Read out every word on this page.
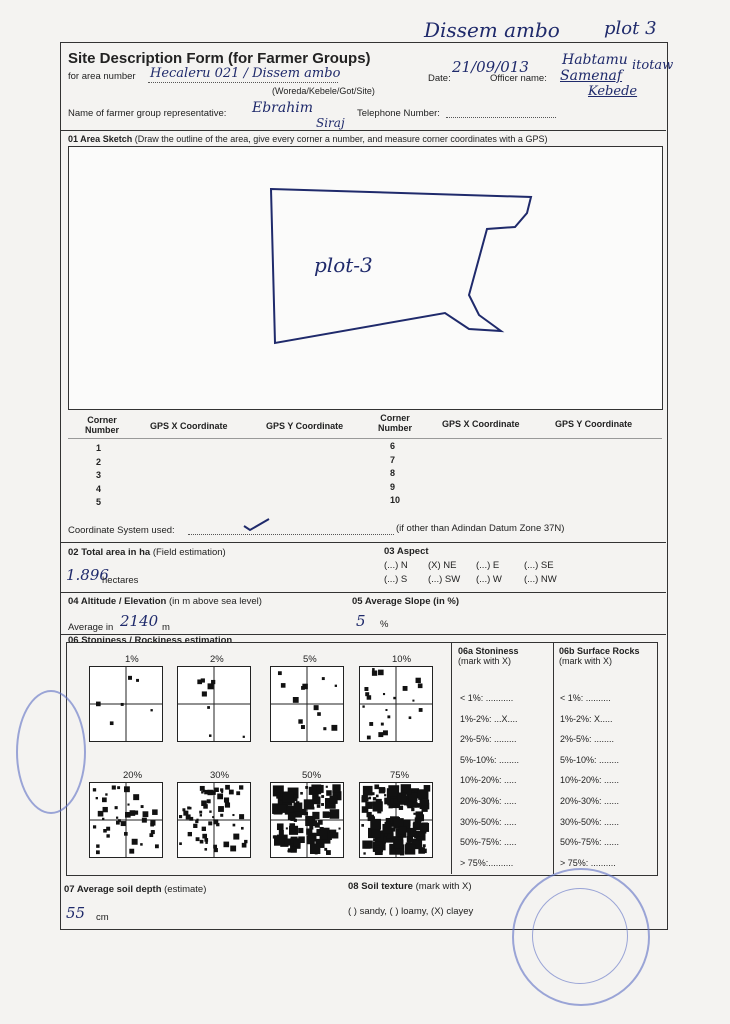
Dissem ambo plot 3
Site Description Form (for Farmer Groups)
for area number Hecaleru 021 / Dissem ambo
(Woreda/Kebele/Got/Site)
Date:
21/09/013
Officer name:
Habtamu
Samenaf
itotaw
Kebede
Name of farmer group representative: Ebrahim
Siraj
Telephone Number:
01 Area Sketch (Draw the outline of the area, give every corner a number, and measure corner coordinates with a GPS)
plot-3
Corner Number	GPS X Coordinate	GPS Y Coordinate
Corner Number	GPS X Coordinate	GPS Y Coordinate
1
2
3
4
5
6
7
8
9
10
Coordinate System used:	(if other than Adindan Datum Zone 37N)
02 Total area in ha (Field estimation)
1.896
hectares
03 Aspect
(...) N (X) NE (...) E	(...) SE
(...) S (...) SW (...) W (...) NW
04 Altitude / Elevation (in m above sea level)
Average in 2140 m
05 Average Slope (in %)
5 %
06 Stoniness / Rockiness estimation
06a Stoniness
(mark with X)
06b Surface Rocks
(mark with X)
< 1%: ...........
1%-2%: ...X....
2%-5%: .........
5%-10%: ........
10%-20%: .....
20%-30%: .....
30%-50%: .....
50%-75%: .....
> 75%:..........
< 1%: ..........
1%-2%: X.....
2%-5%: ........
5%-10%: ........
10%-20%: ......
20%-30%: ......
30%-50%: ......
50%-75%: ......
> 75%: ..........
1%	2%	5%	10%
20%	30%	50%	75%
07 Average soil depth (estimate)
55 cm
08 Soil texture (mark with X)
( ) sandy, ( ) loamy, (X) clayey
